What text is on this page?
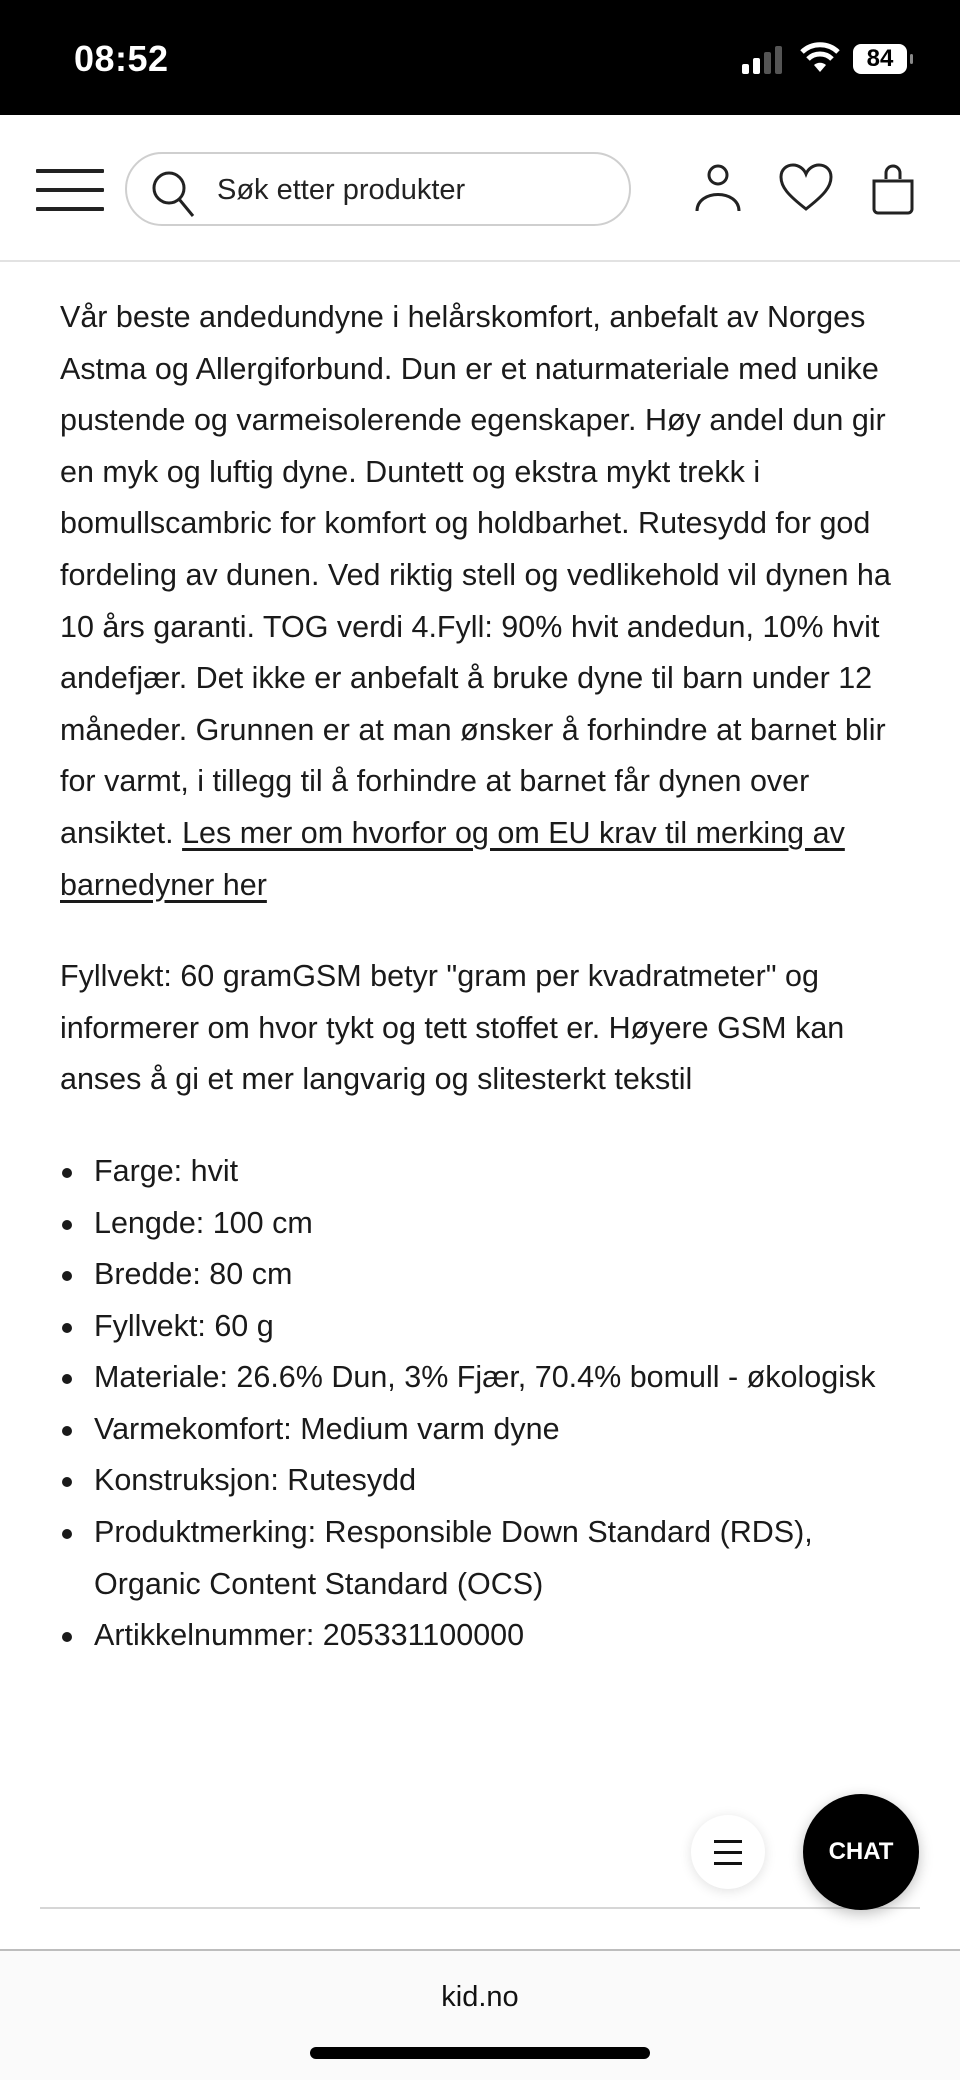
08:52	84
Søk etter produkter

Vår beste andedundyne i helårskomfort, anbefalt av Norges Astma og Allergiforbund. Dun er et naturmateriale med unike pustende og varmeisolerende egenskaper. Høy andel dun gir en myk og luftig dyne. Duntett og ekstra mykt trekk i bomullscambric for komfort og holdbarhet. Rutesydd for god fordeling av dunen. Ved riktig stell og vedlikehold vil dynen ha 10 års garanti. TOG verdi 4.Fyll: 90% hvit andedun, 10% hvit andefjær. Det ikke er anbefalt å bruke dyne til barn under 12 måneder. Grunnen er at man ønsker å forhindre at barnet blir for varmt, i tillegg til å forhindre at barnet får dynen over ansiktet. Les mer om hvorfor og om EU krav til merking av barnedyner her

Fyllvekt: 60 gramGSM betyr "gram per kvadratmeter" og informerer om hvor tykt og tett stoffet er. Høyere GSM kan anses å gi et mer langvarig og slitesterkt tekstil

Farge: hvit
Lengde: 100 cm
Bredde: 80 cm
Fyllvekt: 60 g
Materiale: 26.6% Dun, 3% Fjær, 70.4% bomull - økologisk
Varmekomfort: Medium varm dyne
Konstruksjon: Rutesydd
Produktmerking: Responsible Down Standard (RDS), Organic Content Standard (OCS)
Artikkelnummer: 205331100000
CHAT
kid.no
